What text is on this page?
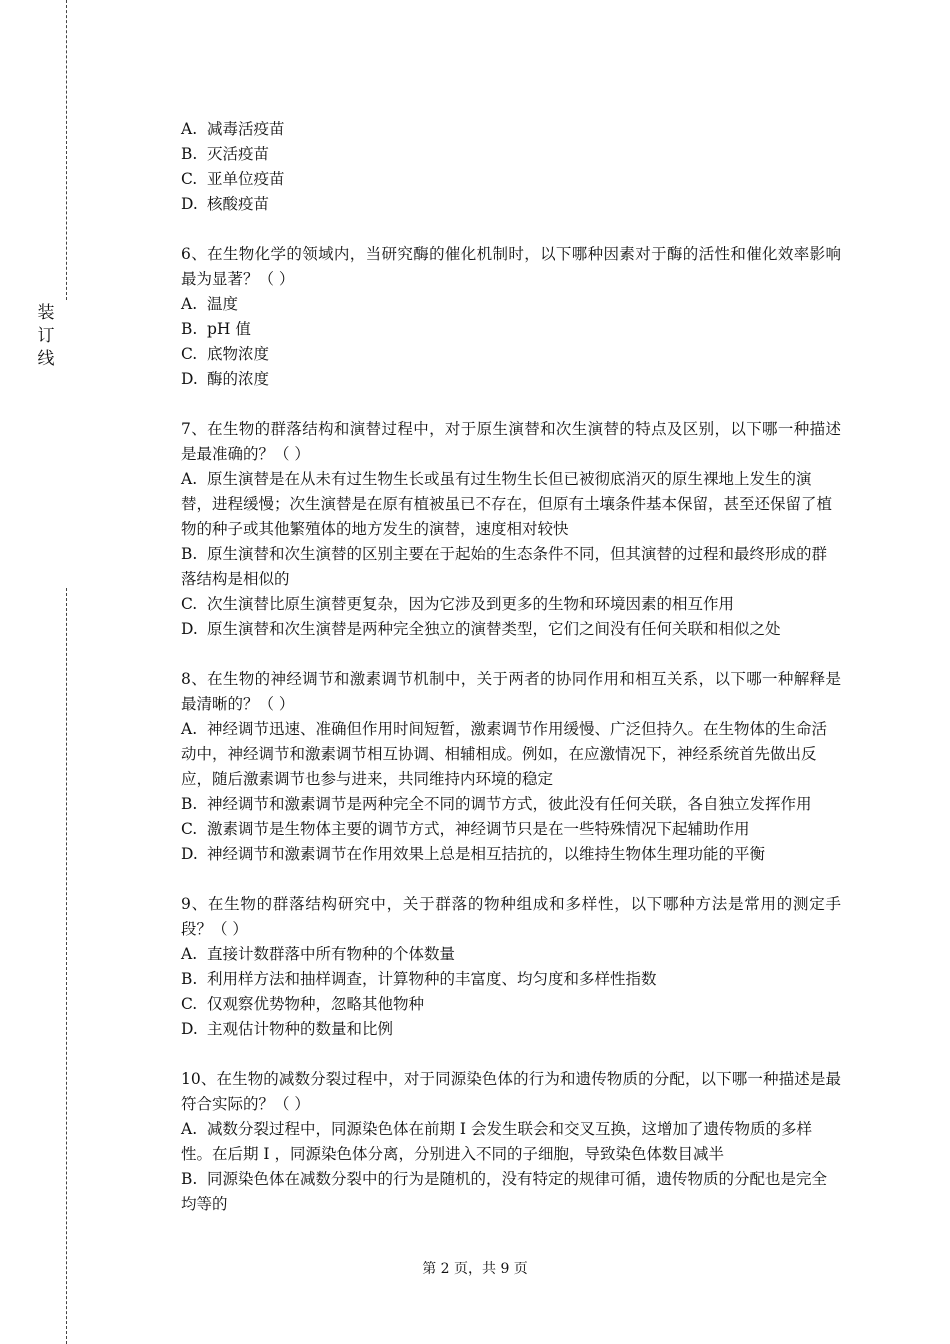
装订线
A. 减毒活疫苗
B. 灭活疫苗
C. 亚单位疫苗
D. 核酸疫苗
6、在生物化学的领域内，当研究酶的催化机制时，以下哪种因素对于酶的活性和催化效率影响最为显著？（ ）
A. 温度
B. pH 值
C. 底物浓度
D. 酶的浓度
7、在生物的群落结构和演替过程中，对于原生演替和次生演替的特点及区别，以下哪一种描述是最准确的？（ ）
A. 原生演替是在从未有过生物生长或虽有过生物生长但已被彻底消灭的原生裸地上发生的演替，进程缓慢；次生演替是在原有植被虽已不存在，但原有土壤条件基本保留，甚至还保留了植物的种子或其他繁殖体的地方发生的演替，速度相对较快
B. 原生演替和次生演替的区别主要在于起始的生态条件不同，但其演替的过程和最终形成的群落结构是相似的
C. 次生演替比原生演替更复杂，因为它涉及到更多的生物和环境因素的相互作用
D. 原生演替和次生演替是两种完全独立的演替类型，它们之间没有任何关联和相似之处
8、在生物的神经调节和激素调节机制中，关于两者的协同作用和相互关系，以下哪一种解释是最清晰的？（ ）
A. 神经调节迅速、准确但作用时间短暂，激素调节作用缓慢、广泛但持久。在生物体的生命活动中，神经调节和激素调节相互协调、相辅相成。例如，在应激情况下，神经系统首先做出反应，随后激素调节也参与进来，共同维持内环境的稳定
B. 神经调节和激素调节是两种完全不同的调节方式，彼此没有任何关联，各自独立发挥作用
C. 激素调节是生物体主要的调节方式，神经调节只是在一些特殊情况下起辅助作用
D. 神经调节和激素调节在作用效果上总是相互拮抗的，以维持生物体生理功能的平衡
9、在生物的群落结构研究中，关于群落的物种组成和多样性，以下哪种方法是常用的测定手段？（ ）
A. 直接计数群落中所有物种的个体数量
B. 利用样方法和抽样调查，计算物种的丰富度、均匀度和多样性指数
C. 仅观察优势物种，忽略其他物种
D. 主观估计物种的数量和比例
10、在生物的减数分裂过程中，对于同源染色体的行为和遗传物质的分配，以下哪一种描述是最符合实际的？（ ）
A. 减数分裂过程中，同源染色体在前期 Ⅰ 会发生联会和交叉互换，这增加了遗传物质的多样性。在后期 Ⅰ ，同源染色体分离，分别进入不同的子细胞，导致染色体数目减半
B. 同源染色体在减数分裂中的行为是随机的，没有特定的规律可循，遗传物质的分配也是完全均等的
第 2 页，共 9 页
